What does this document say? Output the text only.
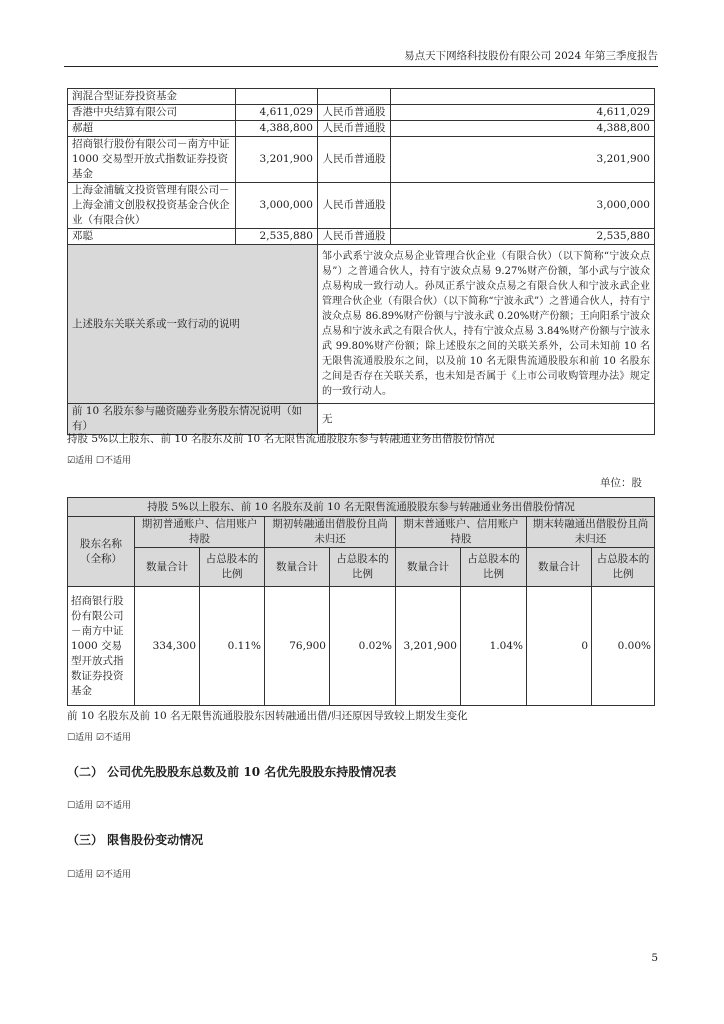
易点天下网络科技股份有限公司 2024 年第三季度报告
润混合型证券投资基金			
香港中央结算有限公司	4,611,029	人民币普通股	4,611,029
郝超	4,388,800	人民币普通股	4,388,800
招商银行股份有限公司－南方中证 1000 交易型开放式指数证券投资基金	3,201,900	人民币普通股	3,201,900
上海金浦毓文投资管理有限公司－上海金浦文创股权投资基金合伙企业（有限合伙）	3,000,000	人民币普通股	3,000,000
邓聪	2,535,880	人民币普通股	2,535,880
上述股东关联关系或一致行动的说明		邹小武系宁波众点易企业管理合伙企业（有限合伙）（以下简称“宁波众点易”）之普通合伙人，持有宁波众点易 9.27%财产份额，邹小武与宁波众点易构成一致行动人。孙凤正系宁波众点易之有限合伙人和宁波永武企业管理合伙企业（有限合伙）（以下简称“宁波永武”）之普通合伙人，持有宁波众点易 86.89%财产份额与宁波永武 0.20%财产份额；王向阳系宁波众点易和宁波永武之有限合伙人，持有宁波众点易 3.84%财产份额与宁波永武 99.80%财产份额；除上述股东之间的关联关系外，公司未知前 10 名无限售流通股股东之间，以及前 10 名无限售流通股股东和前 10 名股东之间是否存在关联关系，也未知是否属于《上市公司收购管理办法》规定的一致行动人。	
前 10 名股东参与融资融券业务股东情况说明（如有）		无	
持股 5%以上股东、前 10 名股东及前 10 名无限售流通股股东参与转融通业务出借股份情况
☑适用 ☐不适用
单位：股
持股 5%以上股东、前 10 名股东及前 10 名无限售流通股股东参与转融通业务出借股份情况								
股东名称（全称）	期初普通账户、信用账户持股		期初转融通出借股份且尚未归还		期末普通账户、信用账户持股		期末转融通出借股份且尚未归还	
	数量合计	占总股本的比例	数量合计	占总股本的比例	数量合计	占总股本的比例	数量合计	占总股本的比例
招商银行股份有限公司－南方中证 1000 交易型开放式指数证券投资基金	334,300	0.11%	76,900	0.02%	3,201,900	1.04%	0	0.00%
前 10 名股东及前 10 名无限售流通股股东因转融通出借/归还原因导致较上期发生变化
☐适用 ☑不适用
（二） 公司优先股股东总数及前 10 名优先股股东持股情况表
☐适用 ☑不适用
（三） 限售股份变动情况
☐适用 ☑不适用
5
